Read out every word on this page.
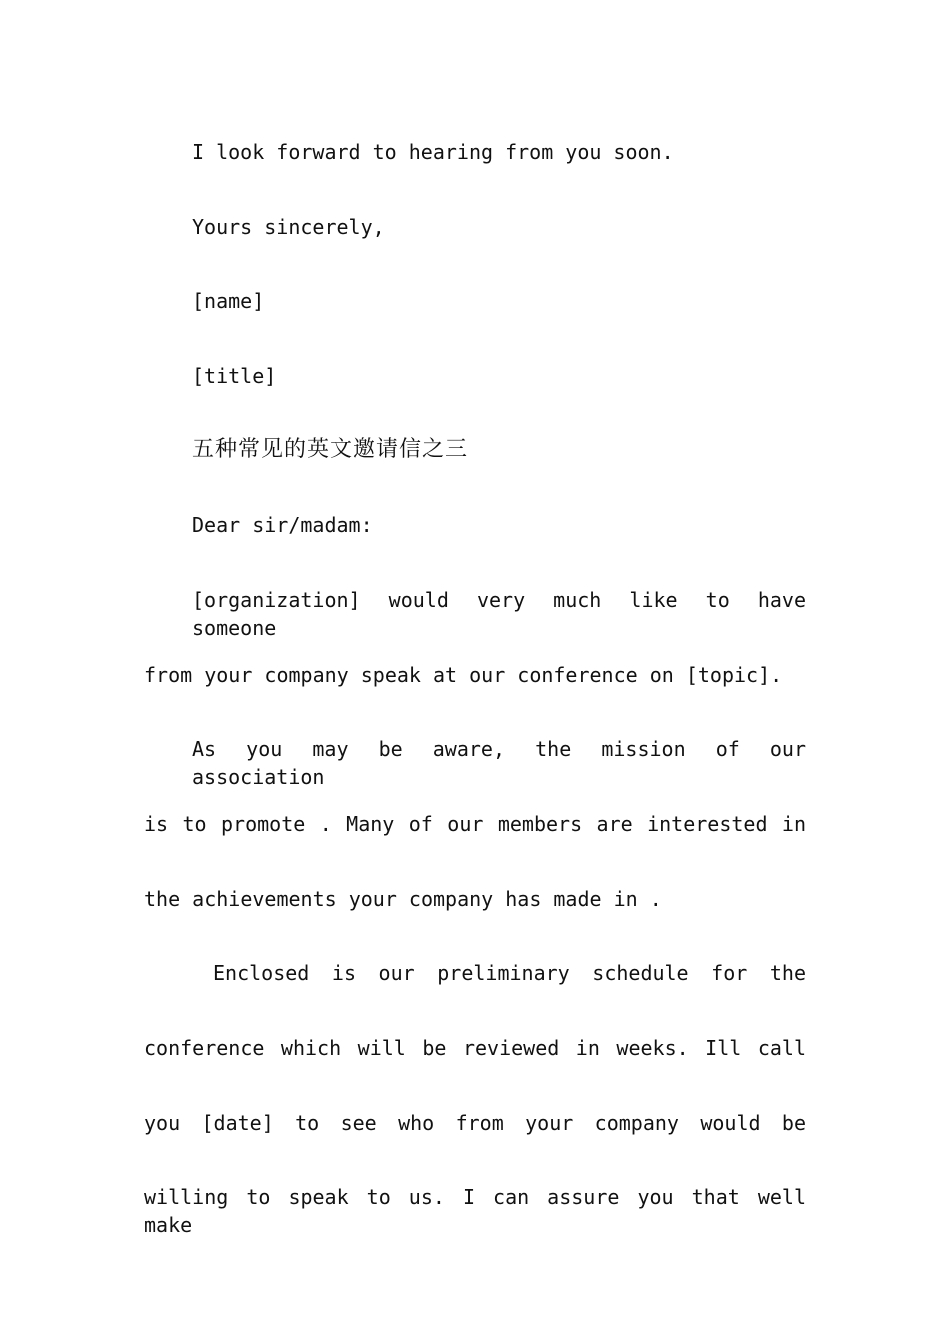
I look forward to hearing from you soon.
Yours sincerely,
[name]
[title]
五种常见的英文邀请信之三
Dear sir/madam:
[organization] would very much like to have someone
from your company speak at our conference on [topic].
As you may be aware, the mission of our association
is to promote . Many of our members are interested in
the achievements your company has made in .
Enclosed is our preliminary schedule for the
conference which will be reviewed in weeks. Ill call
you [date] to see who from your company would be
willing to speak to us. I can assure you that well make
